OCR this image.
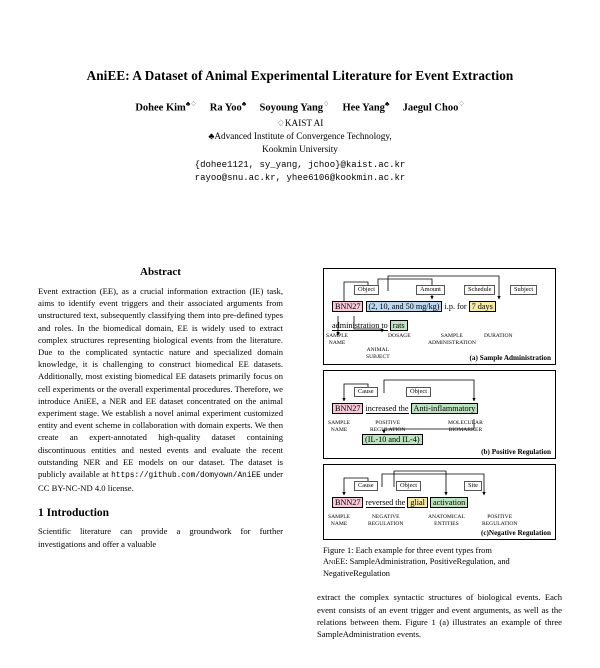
AniEE: A Dataset of Animal Experimental Literature for Event Extraction
Dohee Kim♣♢ Ra Yoo♣ Soyoung Yang♢ Hee Yang♣ Jaegul Choo♢
♢KAIST AI
♣Advanced Institute of Convergence Technology,
Kookmin University
{dohee1121, sy_yang, jchoo}@kaist.ac.kr
rayoo@snu.ac.kr, yhee6106@kookmin.ac.kr
Abstract

Event extraction (EE), as a crucial information extraction (IE) task, aims to identify event triggers and their associated arguments from unstructured text, subsequently classifying them into pre-defined types and roles. In the biomedical domain, EE is widely used to extract complex structures representing biological events from the literature. Due to the complicated syntactic nature and specialized domain knowledge, it is challenging to construct biomedical EE datasets. Additionally, most existing biomedical EE datasets primarily focus on cell experiments or the overall experimental procedures. Therefore, we introduce AniEE, a NER and EE dataset concentrated on the animal experiment stage. We establish a novel animal experiment customized entity and event scheme in collaboration with domain experts. We then create an expert-annotated high-quality dataset containing discontinuous entities and nested events and evaluate the recent outstanding NER and EE models on our dataset. The dataset is publicly available at https://github.com/domyown/AniEE under CC BY-NC-ND 4.0 license.

1 Introduction

Scientific literature can provide a groundwork for further investigations and offer a valuable

Object	Amount	Schedule	Subject
BNN27 (2, 10, and 50 mg/kg) i.p. for 7 days
administration to rats
SAMPLE
NAME
DOSAGE	SAMPLE
ADMINISTRATION
DURATION
ANIMAL
SUBJECT	(a) Sample Administration
Cause	Object
BNN27 increased the Anti-inflammatory
SAMPLE
NAME
POSITIVE
REGULATION
MOLECULAR
BIOMARKER
(IL-10 and IL-4)
(b) Positive Regulation
Cause	Object	Site
BNN27 reversed the glial activation
SAMPLE
NAME
NEGATIVE
REGULATION
ANATOMICAL
ENTITIES
POSITIVE
REGULATION
(c)Negative Regulation
Figure 1: Each example for three event types from
AniEE: SampleAdministration, PositiveRegulation, and
NegativeRegulation

extract the complex syntactic structures of biological events. Each event consists of an event trigger and event arguments, as well as the relations between them. Figure 1 (a) illustrates an example of three SampleAdministration events.
